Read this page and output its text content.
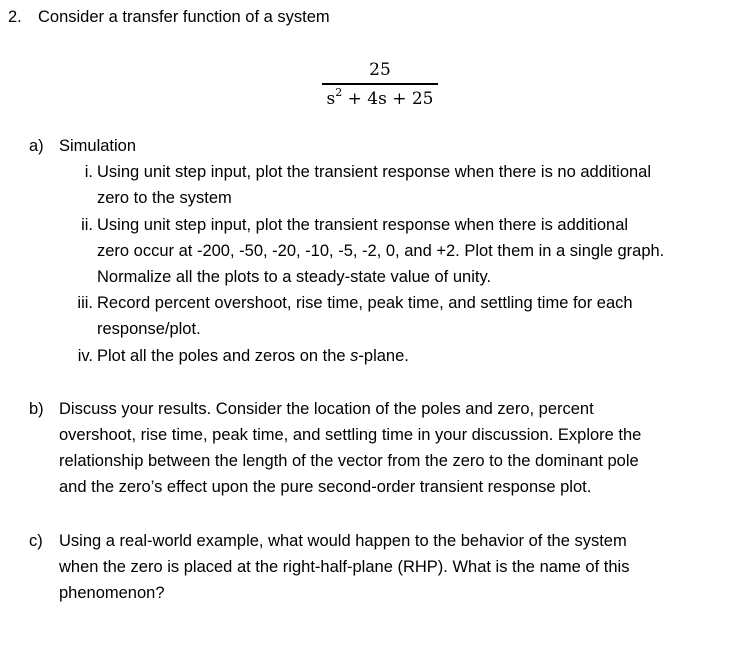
2. Consider a transfer function of a system
25
$s^2 + 4s + 25$
a) Simulation
i. Using unit step input, plot the transient response when there is no additional
zero to the system
ii. Using unit step input, plot the transient response when there is additional
zero occur at -200, -50, -20, -10, -5, -2, 0, and +2. Plot them in a single graph.
Normalize all the plots to a steady-state value of unity.
iii. Record percent overshoot, rise time, peak time, and settling time for each
response/plot.
iv. Plot all the poles and zeros on the s-plane.
b) Discuss your results. Consider the location of the poles and zero, percent
overshoot, rise time, peak time, and settling time in your discussion. Explore the
relationship between the length of the vector from the zero to the dominant pole
and the zero’s effect upon the pure second-order transient response plot.
c) Using a real-world example, what would happen to the behavior of the system
when the zero is placed at the right-half-plane (RHP). What is the name of this
phenomenon?
